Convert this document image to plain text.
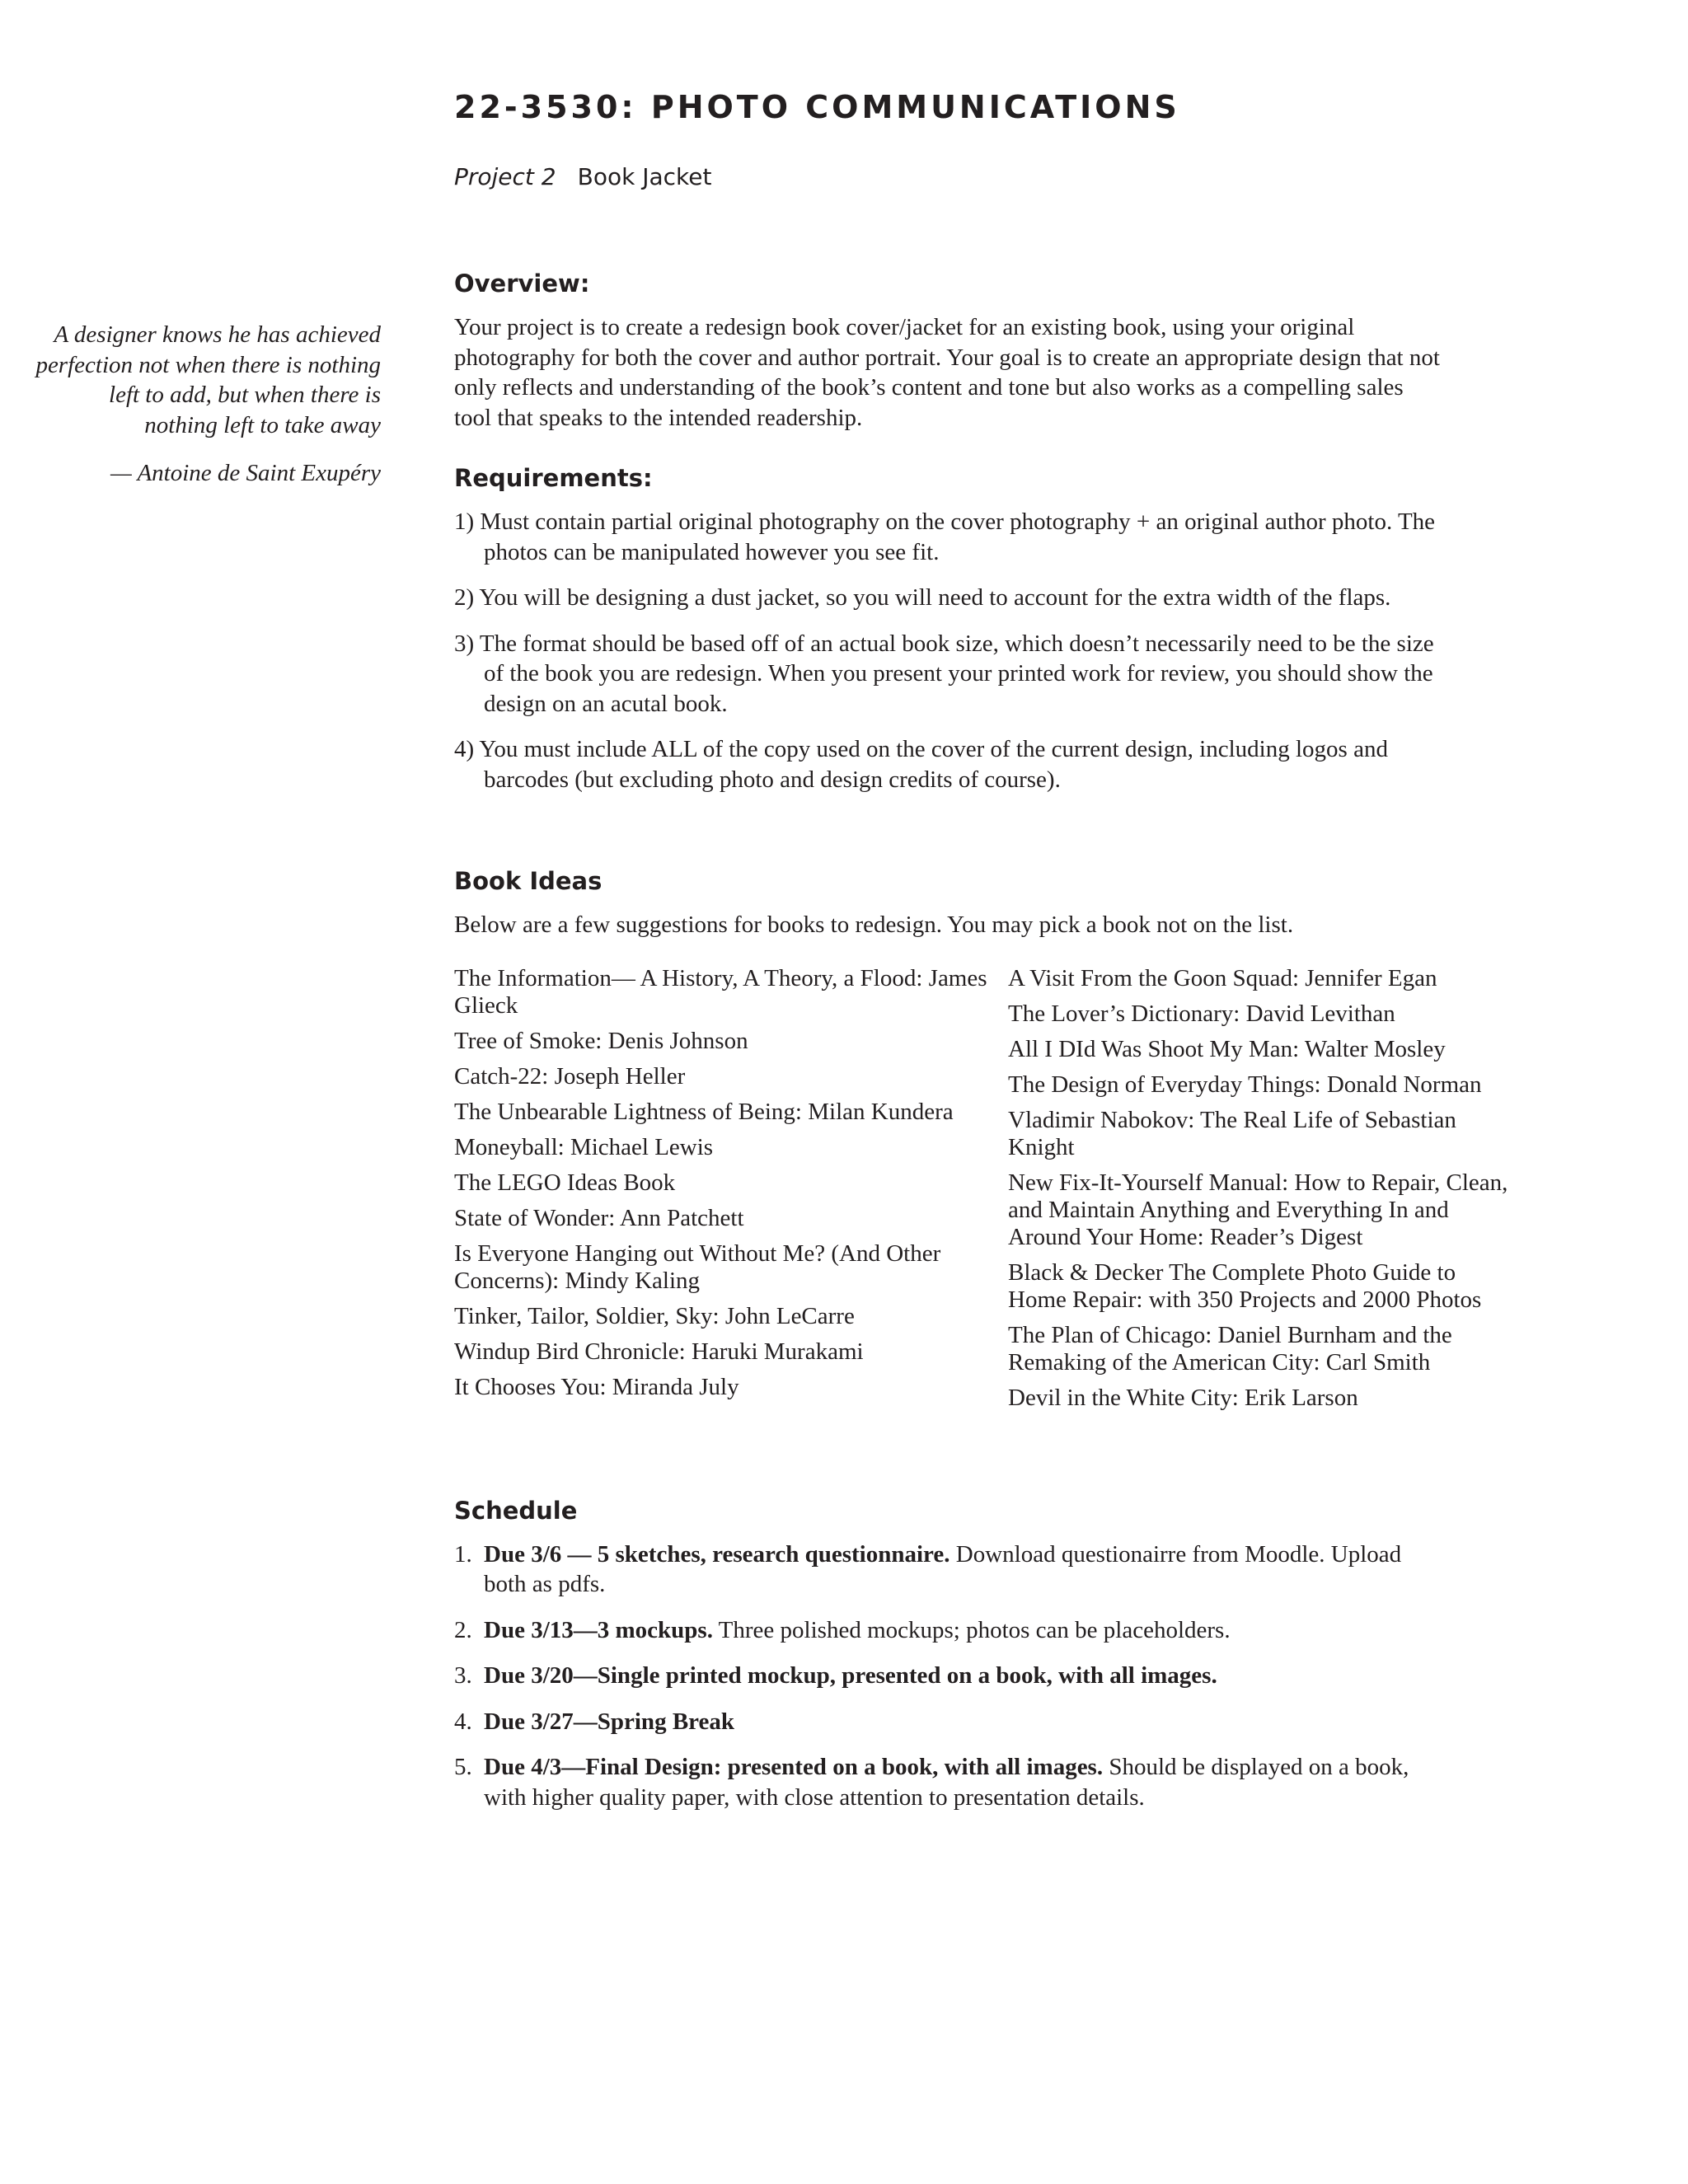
22-3530: PHOTO COMMUNICATIONS
Project 2 Book Jacket
A designer knows he has achieved perfection not when there is nothing left to add, but when there is nothing left to take away
— Antoine de Saint Exupéry
Overview:

Your project is to create a redesign book cover/jacket for an existing book, using your original photography for both the cover and author portrait. Your goal is to create an appropriate design that not only reflects and understanding of the book’s content and tone but also works as a compelling sales tool that speaks to the intended readership.

Requirements:
1) Must contain partial original photography on the cover photography + an original author photo. The photos can be manipulated however you see fit.
2) You will be designing a dust jacket, so you will need to account for the extra width of the flaps.
3) The format should be based off of an actual book size, which doesn’t necessarily need to be the size of the book you are redesign. When you present your printed work for review, you should show the design on an acutal book.
4) You must include ALL of the copy used on the cover of the current design, including logos and barcodes (but excluding photo and design credits of course).
Book Ideas

Below are a few suggestions for books to redesign. You may pick a book not on the list.

The Information— A History, A Theory, a Flood: James Glieck
Tree of Smoke: Denis Johnson
Catch-22: Joseph Heller
The Unbearable Lightness of Being: Milan Kundera
Moneyball: Michael Lewis
The LEGO Ideas Book
State of Wonder: Ann Patchett
Is Everyone Hanging out Without Me? (And Other Concerns): Mindy Kaling
Tinker, Tailor, Soldier, Sky: John LeCarre
Windup Bird Chronicle: Haruki Murakami
It Chooses You: Miranda July
A Visit From the Goon Squad: Jennifer Egan
The Lover’s Dictionary: David Levithan
All I DId Was Shoot My Man: Walter Mosley
The Design of Everyday Things: Donald Norman
Vladimir Nabokov: The Real Life of Sebastian Knight
New Fix-It-Yourself Manual: How to Repair, Clean, and Maintain Anything and Everything In and Around Your Home: Reader’s Digest
Black & Decker The Complete Photo Guide to Home Repair: with 350 Projects and 2000 Photos
The Plan of Chicago: Daniel Burnham and the Remaking of the American City: Carl Smith
Devil in the White City: Erik Larson
Schedule
1. Due 3/6 — 5 sketches, research questionnaire. Download questionairre from Moodle. Upload both as pdfs.
2. Due 3/13—3 mockups. Three polished mockups; photos can be placeholders.
3. Due 3/20—Single printed mockup, presented on a book, with all images.
4. Due 3/27—Spring Break
5. Due 4/3—Final Design: presented on a book, with all images. Should be displayed on a book, with higher quality paper, with close attention to presentation details.
